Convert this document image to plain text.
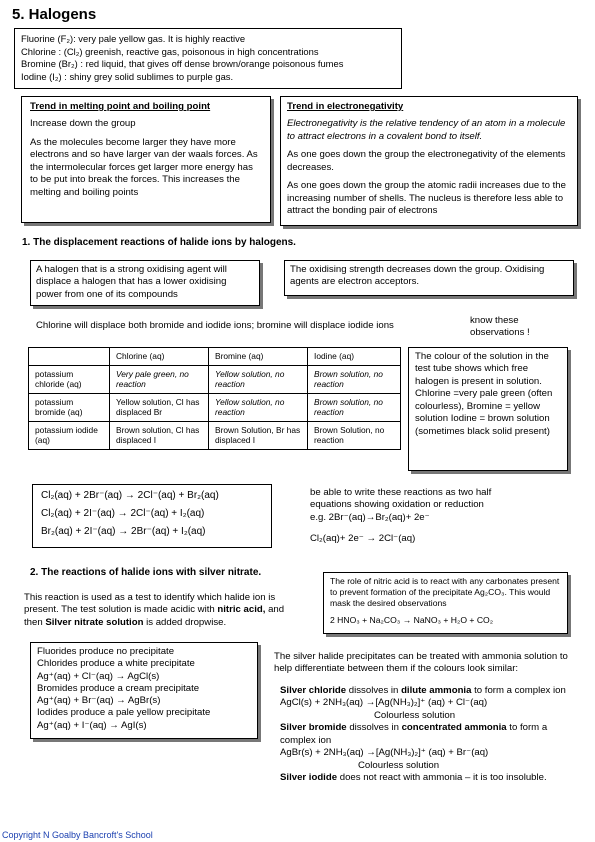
5. Halogens
Fluorine (F₂): very pale yellow gas. It is highly reactive
Chlorine : (Cl₂) greenish, reactive gas, poisonous in high concentrations
Bromine (Br₂) : red liquid, that gives off dense brown/orange poisonous fumes
Iodine (I₂) : shiny grey solid sublimes to purple gas.

Trend in melting point and boiling point

Increase down the group

As the molecules become larger they have more electrons and so have larger van der waals forces. As the intermolecular forces get larger more energy has to be put into break the forces. This increases the melting and boiling points

Trend in electronegativity

Electronegativity is the relative tendency of an atom in a molecule to attract electrons in a covalent bond to itself.

As one goes down the group the electronegativity of the elements decreases.

As one goes down the group the atomic radii increases due to the increasing number of shells. The nucleus is therefore less able to attract the bonding pair of electrons

1. The displacement reactions of halide ions by halogens.

A halogen that is a strong oxidising agent will displace a halogen that has a lower oxidising power from one of its compounds

The oxidising strength decreases down the group. Oxidising agents are electron acceptors.

Chlorine will displace both bromide and iodide ions; bromine will displace iodide ions	know these observations !
	Chlorine (aq)	Bromine (aq)	Iodine (aq)
potassium chloride (aq)	Very pale green, no reaction	Yellow solution, no reaction	Brown solution, no reaction
potassium bromide (aq)	Yellow solution, Cl has displaced Br	Yellow solution, no reaction	Brown solution, no reaction
potassium iodide (aq)	Brown solution, Cl has displaced I	Brown Solution, Br has displaced I	Brown Solution, no reaction

The colour of the solution in the test tube shows which free halogen is present in solution. Chlorine =very pale green (often colourless), Bromine = yellow solution Iodine = brown solution (sometimes black solid present)

Cl₂(aq) + 2Br⁻(aq) → 2Cl⁻(aq) + Br₂(aq)
Cl₂(aq) + 2I⁻(aq) → 2Cl⁻(aq) + I₂(aq)
Br₂(aq) + 2I⁻(aq) → 2Br⁻(aq) + I₂(aq)

be able to write these reactions as two half equations showing oxidation or reduction

e.g. 2Br⁻(aq)→Br₂(aq)+ 2e⁻

Cl₂(aq)+ 2e⁻ → 2Cl⁻(aq)

2. The reactions of halide ions with silver nitrate.
This reaction is used as a test to identify which halide ion is present. The test solution is made acidic with nitric acid, and then Silver nitrate solution is added dropwise.

The role of nitric acid is to react with any carbonates present to prevent formation of the precipitate Ag₂CO₃. This would mask the desired observations

2 HNO₃ + Na₂CO₃ → NaNO₃ + H₂O + CO₂

Fluorides produce no precipitate
Chlorides produce a white precipitate
Ag⁺(aq) + Cl⁻(aq) → AgCl(s)
Bromides produce a cream precipitate
Ag⁺(aq) + Br⁻(aq) → AgBr(s)
Iodides produce a pale yellow precipitate
Ag⁺(aq) + I⁻(aq) → AgI(s)

The silver halide precipitates can be treated with ammonia solution to help differentiate between them if the colours look similar:

Silver chloride dissolves in dilute ammonia to form a complex ion

AgCl(s) + 2NH₃(aq) →[Ag(NH₃)₂]⁺ (aq) + Cl⁻(aq)

Colourless solution

Silver bromide dissolves in concentrated ammonia to form a complex ion

AgBr(s) + 2NH₃(aq) →[Ag(NH₃)₂]⁺ (aq) + Br⁻(aq)

Colourless solution

Silver iodide does not react with ammonia – it is too insoluble.

Copyright N Goalby Bancroft's School
